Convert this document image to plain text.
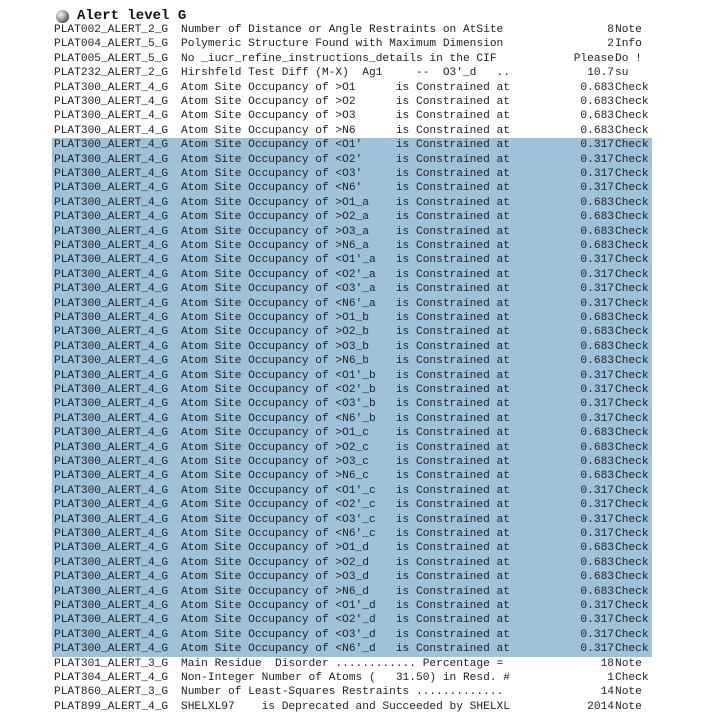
Alert level G
PLAT002_ALERT_2_G Number of Distance or Angle Restraints on AtSite	8 Note
PLAT004_ALERT_5_G Polymeric Structure Found with Maximum Dimension	2 Info
PLAT005_ALERT_5_G No _iucr_refine_instructions_details in the CIF	Please Do !
PLAT232_ALERT_2_G Hirshfeld Test Diff (M-X)  Ag1     --  O3'_d   ..	10.7 su
PLAT300_ALERT_4_G Atom Site Occupancy of >O1      is Constrained at	0.683 Check
PLAT300_ALERT_4_G Atom Site Occupancy of >O2      is Constrained at	0.683 Check
PLAT300_ALERT_4_G Atom Site Occupancy of >O3      is Constrained at	0.683 Check
PLAT300_ALERT_4_G Atom Site Occupancy of >N6      is Constrained at	0.683 Check
PLAT300_ALERT_4_G Atom Site Occupancy of <O1'     is Constrained at	0.317 Check
PLAT300_ALERT_4_G Atom Site Occupancy of <O2'     is Constrained at	0.317 Check
PLAT300_ALERT_4_G Atom Site Occupancy of <O3'     is Constrained at	0.317 Check
PLAT300_ALERT_4_G Atom Site Occupancy of <N6'     is Constrained at	0.317 Check
PLAT300_ALERT_4_G Atom Site Occupancy of >O1_a    is Constrained at	0.683 Check
PLAT300_ALERT_4_G Atom Site Occupancy of >O2_a    is Constrained at	0.683 Check
PLAT300_ALERT_4_G Atom Site Occupancy of >O3_a    is Constrained at	0.683 Check
PLAT300_ALERT_4_G Atom Site Occupancy of >N6_a    is Constrained at	0.683 Check
PLAT300_ALERT_4_G Atom Site Occupancy of <O1'_a   is Constrained at	0.317 Check
PLAT300_ALERT_4_G Atom Site Occupancy of <O2'_a   is Constrained at	0.317 Check
PLAT300_ALERT_4_G Atom Site Occupancy of <O3'_a   is Constrained at	0.317 Check
PLAT300_ALERT_4_G Atom Site Occupancy of <N6'_a   is Constrained at	0.317 Check
PLAT300_ALERT_4_G Atom Site Occupancy of >O1_b    is Constrained at	0.683 Check
PLAT300_ALERT_4_G Atom Site Occupancy of >O2_b    is Constrained at	0.683 Check
PLAT300_ALERT_4_G Atom Site Occupancy of >O3_b    is Constrained at	0.683 Check
PLAT300_ALERT_4_G Atom Site Occupancy of >N6_b    is Constrained at	0.683 Check
PLAT300_ALERT_4_G Atom Site Occupancy of <O1'_b   is Constrained at	0.317 Check
PLAT300_ALERT_4_G Atom Site Occupancy of <O2'_b   is Constrained at	0.317 Check
PLAT300_ALERT_4_G Atom Site Occupancy of <O3'_b   is Constrained at	0.317 Check
PLAT300_ALERT_4_G Atom Site Occupancy of <N6'_b   is Constrained at	0.317 Check
PLAT300_ALERT_4_G Atom Site Occupancy of >O1_c    is Constrained at	0.683 Check
PLAT300_ALERT_4_G Atom Site Occupancy of >O2_c    is Constrained at	0.683 Check
PLAT300_ALERT_4_G Atom Site Occupancy of >O3_c    is Constrained at	0.683 Check
PLAT300_ALERT_4_G Atom Site Occupancy of >N6_c    is Constrained at	0.683 Check
PLAT300_ALERT_4_G Atom Site Occupancy of <O1'_c   is Constrained at	0.317 Check
PLAT300_ALERT_4_G Atom Site Occupancy of <O2'_c   is Constrained at	0.317 Check
PLAT300_ALERT_4_G Atom Site Occupancy of <O3'_c   is Constrained at	0.317 Check
PLAT300_ALERT_4_G Atom Site Occupancy of <N6'_c   is Constrained at	0.317 Check
PLAT300_ALERT_4_G Atom Site Occupancy of >O1_d    is Constrained at	0.683 Check
PLAT300_ALERT_4_G Atom Site Occupancy of >O2_d    is Constrained at	0.683 Check
PLAT300_ALERT_4_G Atom Site Occupancy of >O3_d    is Constrained at	0.683 Check
PLAT300_ALERT_4_G Atom Site Occupancy of >N6_d    is Constrained at	0.683 Check
PLAT300_ALERT_4_G Atom Site Occupancy of <O1'_d   is Constrained at	0.317 Check
PLAT300_ALERT_4_G Atom Site Occupancy of <O2'_d   is Constrained at	0.317 Check
PLAT300_ALERT_4_G Atom Site Occupancy of <O3'_d   is Constrained at	0.317 Check
PLAT300_ALERT_4_G Atom Site Occupancy of <N6'_d   is Constrained at	0.317 Check
PLAT301_ALERT_3_G Main Residue  Disorder ............ Percentage =	18 Note
PLAT304_ALERT_4_G Non-Integer Number of Atoms (   31.50) in Resd. #	1 Check
PLAT860_ALERT_3_G Number of Least-Squares Restraints .............	14 Note
PLAT899_ALERT_4_G SHELXL97    is Deprecated and Succeeded by SHELXL	2014 Note
